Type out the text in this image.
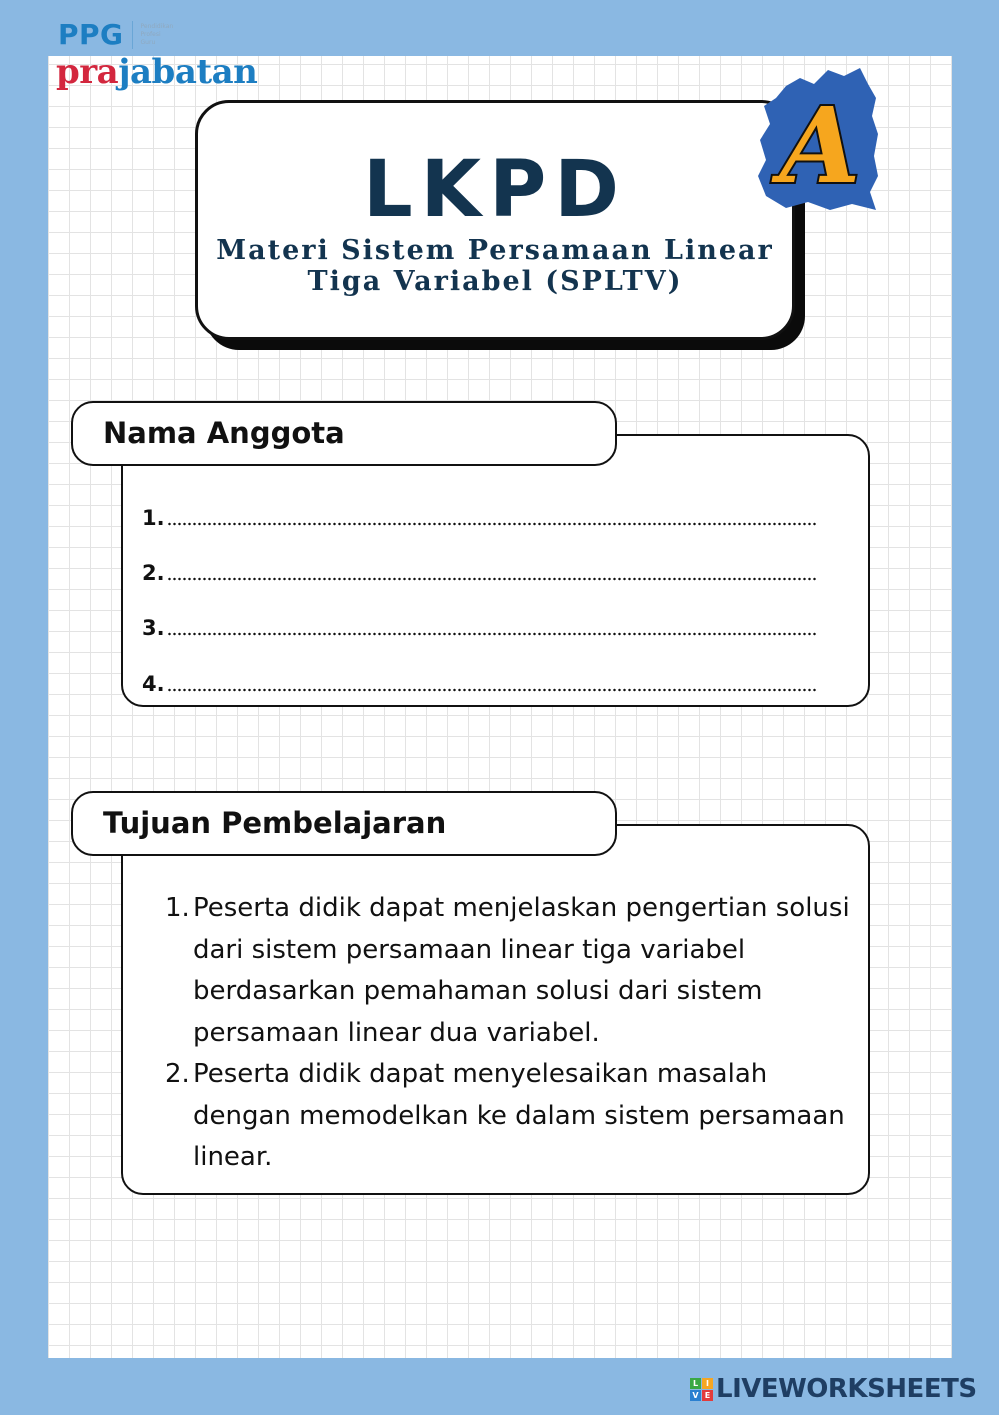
PPG	Pendidikan
Profesi
Guru
prajabatan
LKPD
Materi Sistem Persamaan Linear
Tiga Variabel (SPLTV)
A
Nama Anggota
1.
2.
3.
4.
Tujuan Pembelajaran
1. Peserta didik dapat menjelaskan pengertian solusi dari sistem persamaan linear tiga variabel berdasarkan pemahaman solusi dari sistem persamaan linear dua variabel.
2. Peserta didik dapat menyelesaikan masalah dengan memodelkan ke dalam sistem persamaan linear.
L I
V E LIVEWORKSHEETS
